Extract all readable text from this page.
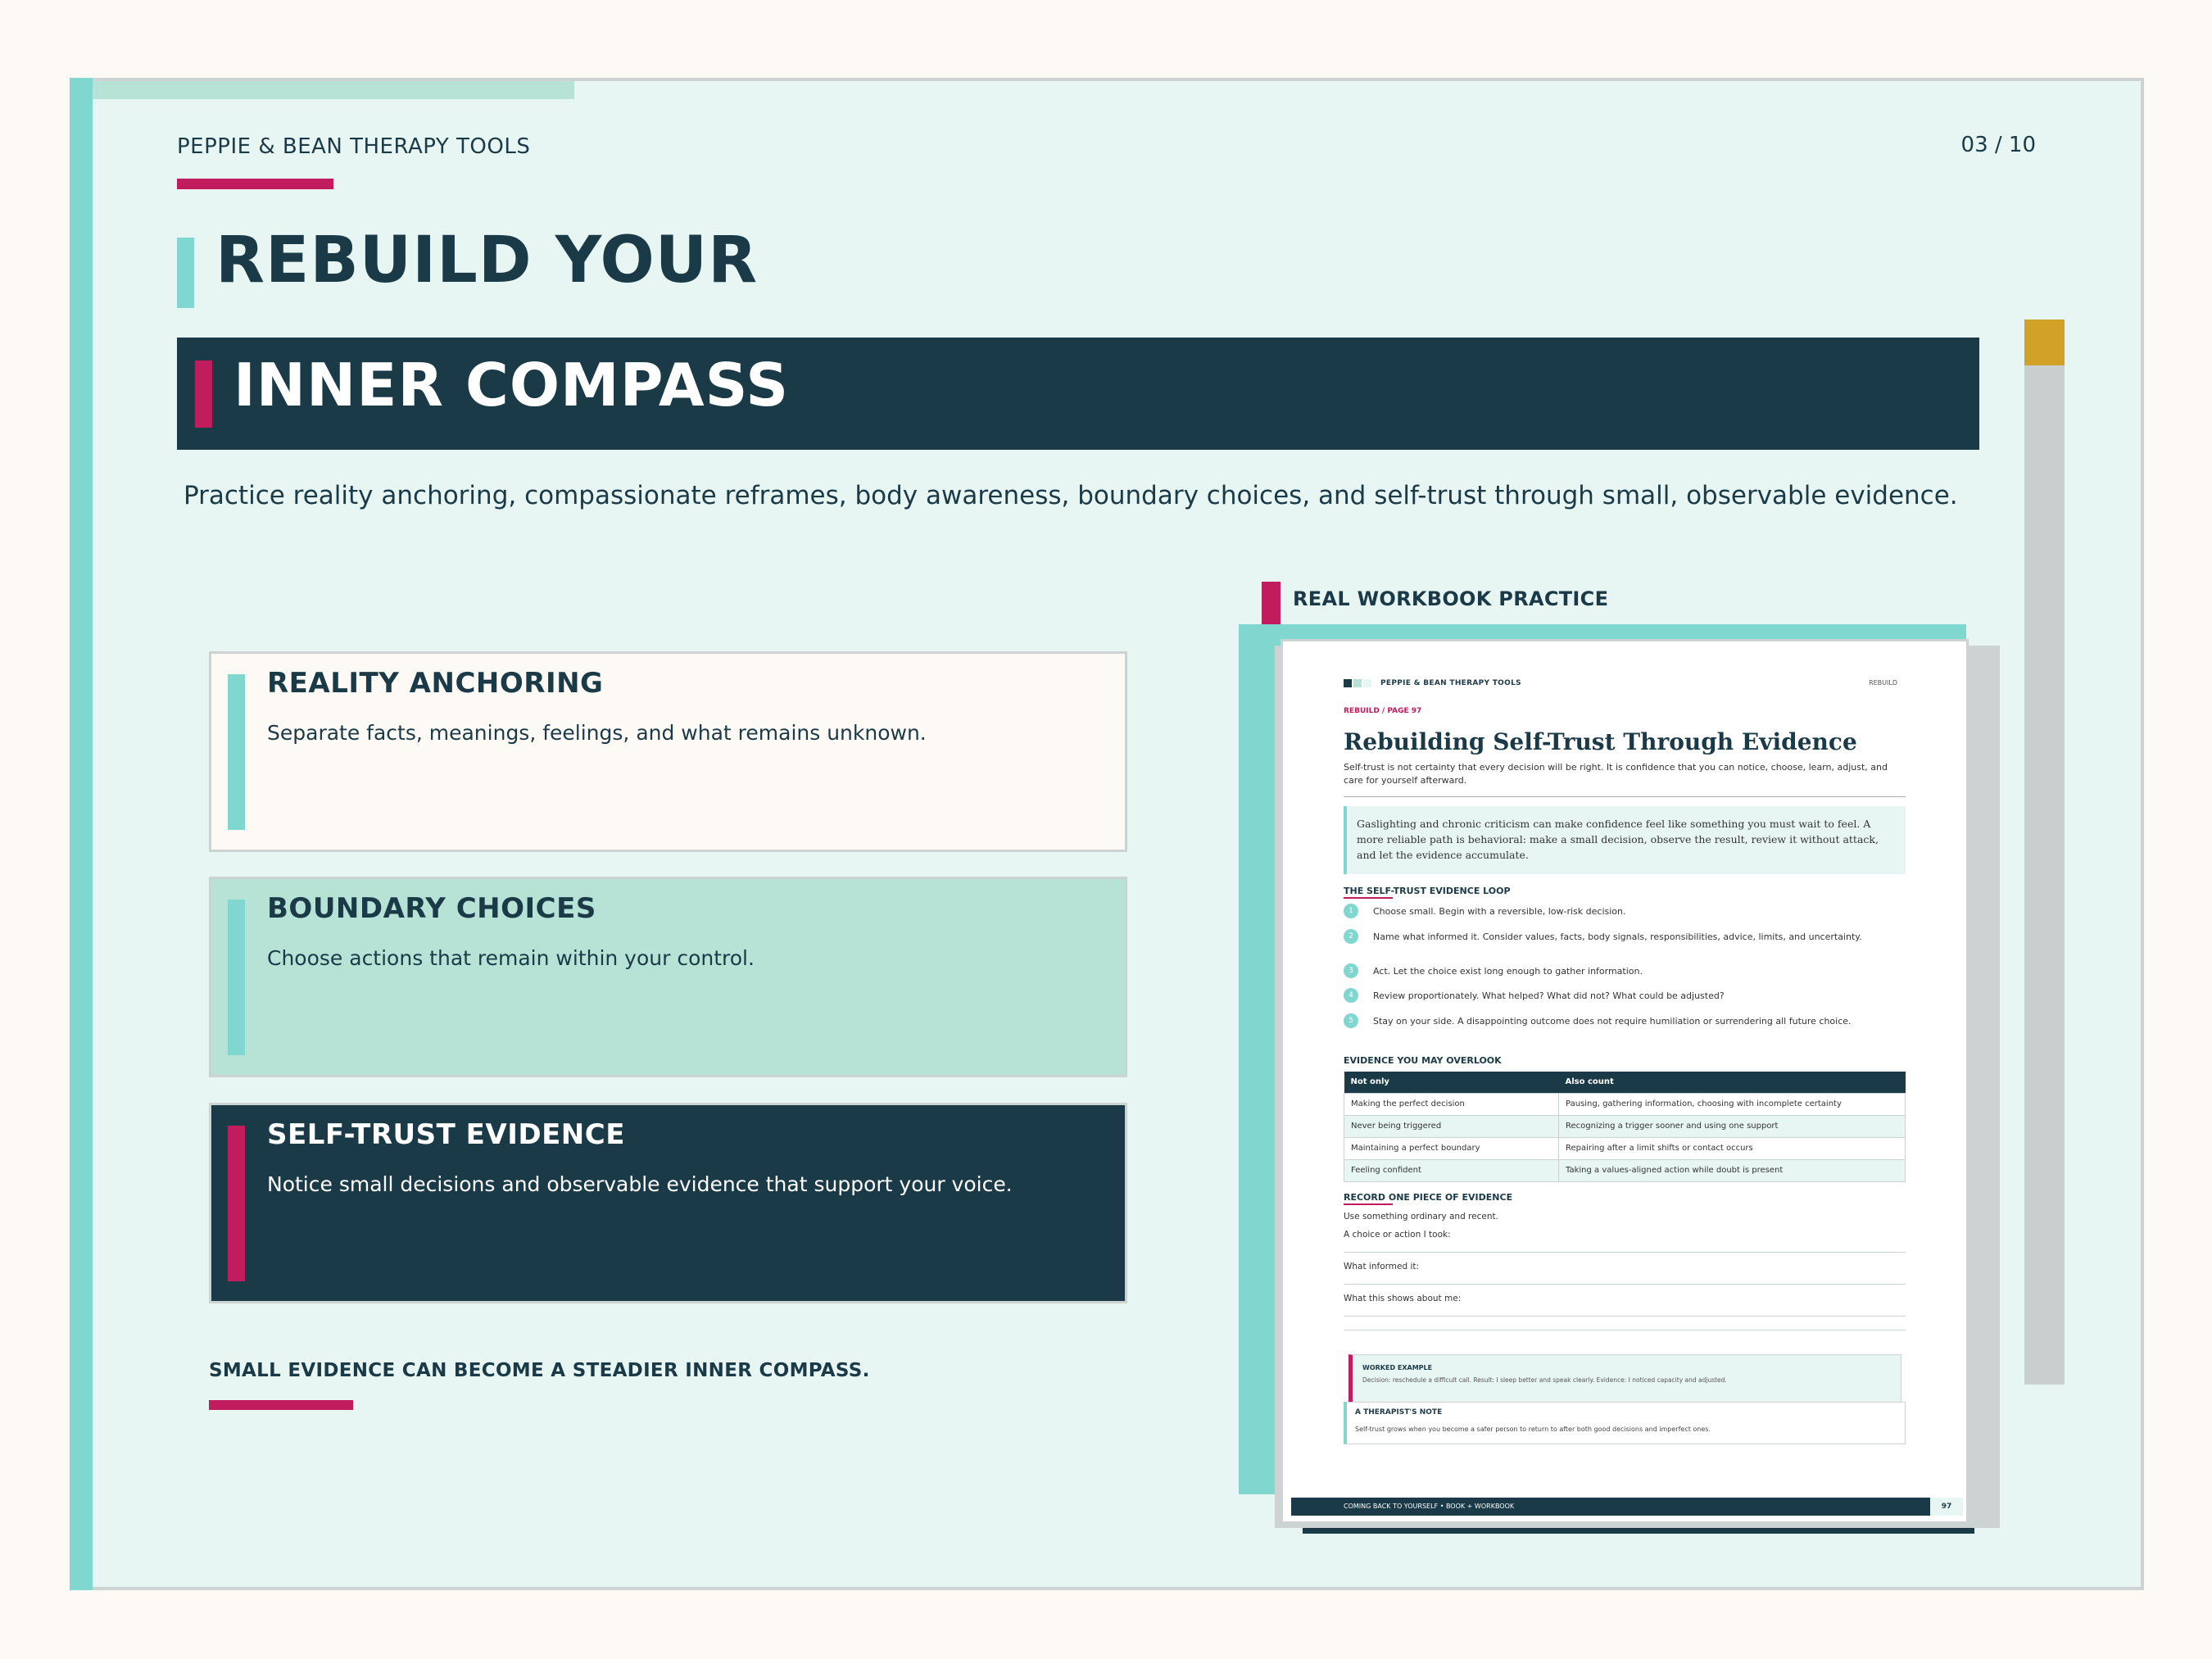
PEPPIE & BEAN THERAPY TOOLS	03 / 10
REBUILD YOUR
INNER COMPASS
Practice reality anchoring, compassionate reframes, body awareness, boundary choices, and self-trust through small, observable evidence.
REALITY ANCHORING
Separate facts, meanings, feelings, and what remains unknown.
BOUNDARY CHOICES
Choose actions that remain within your control.
SELF-TRUST EVIDENCE
Notice small decisions and observable evidence that support your voice.
SMALL EVIDENCE CAN BECOME A STEADIER INNER COMPASS.
REAL WORKBOOK PRACTICE
PEPPIE & BEAN THERAPY TOOLS	REBUILD
REBUILD / PAGE 97
Rebuilding Self-Trust Through Evidence
Self-trust is not certainty that every decision will be right. It is confidence that you can notice, choose, learn, adjust, and care for yourself afterward.
Gaslighting and chronic criticism can make confidence feel like something you must wait to feel. A more reliable path is behavioral: make a small decision, observe the result, review it without attack, and let the evidence accumulate.
THE SELF-TRUST EVIDENCE LOOP
1	Choose small. Begin with a reversible, low-risk decision.
2	Name what informed it. Consider values, facts, body signals, responsibilities, advice, limits, and uncertainty.
3	Act. Let the choice exist long enough to gather information.
4	Review proportionately. What helped? What did not? What could be adjusted?
5	Stay on your side. A disappointing outcome does not require humiliation or surrendering all future choice.
EVIDENCE YOU MAY OVERLOOK
Not only	Also count
Making the perfect decision	Pausing, gathering information, choosing with incomplete certainty
Never being triggered	Recognizing a trigger sooner and using one support
Maintaining a perfect boundary	Repairing after a limit shifts or contact occurs
Feeling confident	Taking a values-aligned action while doubt is present
RECORD ONE PIECE OF EVIDENCE
Use something ordinary and recent.
A choice or action I took:
What informed it:
What this shows about me:
WORKED EXAMPLE
Decision: reschedule a difficult call. Result: I sleep better and speak clearly. Evidence: I noticed capacity and adjusted.
A THERAPIST'S NOTE
Self-trust grows when you become a safer person to return to after both good decisions and imperfect ones.
COMING BACK TO YOURSELF • BOOK + WORKBOOK	97
